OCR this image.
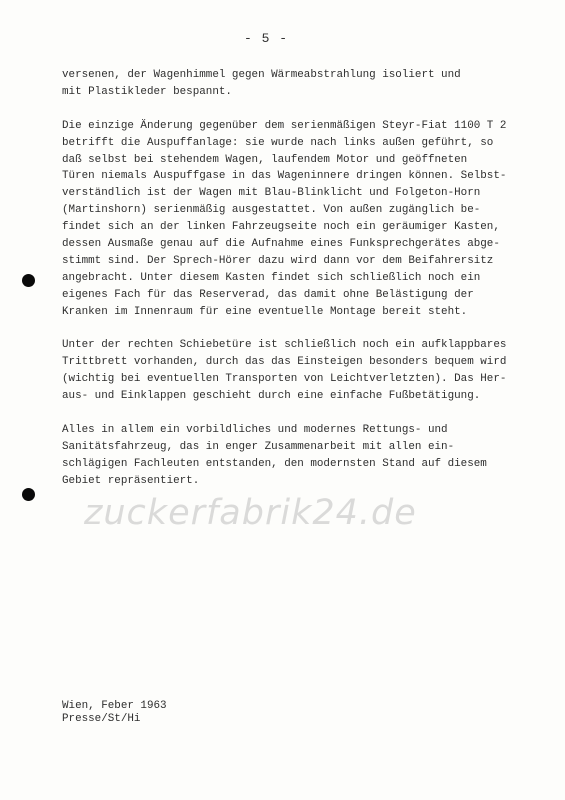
- 5 -
versenen, der Wagenhimmel gegen Wärmeabstrahlung isoliert und
mit Plastikleder bespannt.
Die einzige Änderung gegenüber dem serienmäßigen Steyr-Fiat 1100 T 2
betrifft die Auspuffanlage: sie wurde nach links außen geführt, so
daß selbst bei stehendem Wagen, laufendem Motor und geöffneten
Türen niemals Auspuffgase in das Wageninnere dringen können. Selbst-
verständlich ist der Wagen mit Blau-Blinklicht und Folgeton-Horn
(Martinshorn) serienmäßig ausgestattet. Von außen zugänglich be-
findet sich an der linken Fahrzeugseite noch ein geräumiger Kasten,
dessen Ausmaße genau auf die Aufnahme eines Funksprechgerätes abge-
stimmt sind. Der Sprech-Hörer dazu wird dann vor dem Beifahrersitz
angebracht. Unter diesem Kasten findet sich schließlich noch ein
eigenes Fach für das Reserverad, das damit ohne Belästigung der
Kranken im Innenraum für eine eventuelle Montage bereit steht.
Unter der rechten Schiebetüre ist schließlich noch ein aufklappbares
Trittbrett vorhanden, durch das das Einsteigen besonders bequem wird
(wichtig bei eventuellen Transporten von Leichtverletzten). Das Her-
aus- und Einklappen geschieht durch eine einfache Fußbetätigung.
Alles in allem ein vorbildliches und modernes Rettungs- und
Sanitätsfahrzeug, das in enger Zusammenarbeit mit allen ein-
schlägigen Fachleuten entstanden, den modernsten Stand auf diesem
Gebiet repräsentiert.
zuckerfabrik24.de
Wien, Feber 1963
Presse/St/Hi
